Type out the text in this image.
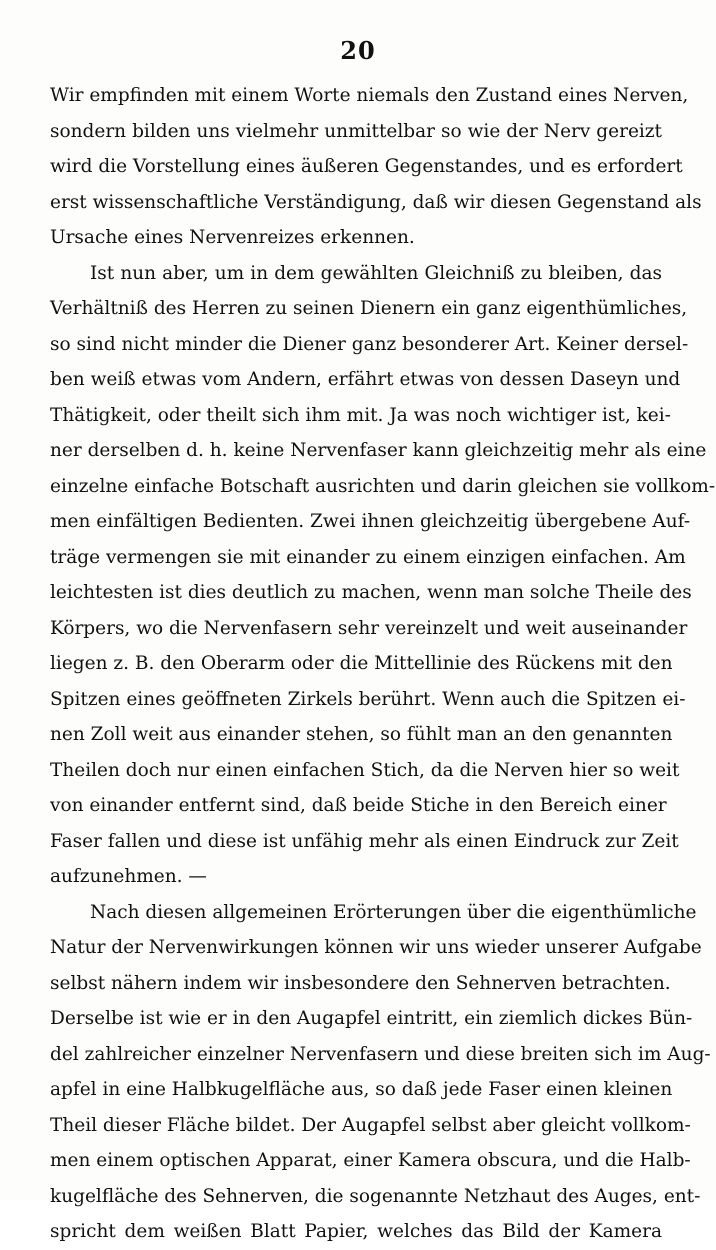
20
Wir empfinden mit einem Worte niemals den Zustand eines Nerven,
sondern bilden uns vielmehr unmittelbar so wie der Nerv gereizt
wird die Vorstellung eines äußeren Gegenstandes, und es erfordert
erst wissenschaftliche Verständigung, daß wir diesen Gegenstand als
Ursache eines Nervenreizes erkennen.
Ist nun aber, um in dem gewählten Gleichniß zu bleiben, das
Verhältniß des Herren zu seinen Dienern ein ganz eigenthümliches,
so sind nicht minder die Diener ganz besonderer Art. Keiner dersel-
ben weiß etwas vom Andern, erfährt etwas von dessen Daseyn und
Thätigkeit, oder theilt sich ihm mit. Ja was noch wichtiger ist, kei-
ner derselben d. h. keine Nervenfaser kann gleichzeitig mehr als eine
einzelne einfache Botschaft ausrichten und darin gleichen sie vollkom-
men einfältigen Bedienten. Zwei ihnen gleichzeitig übergebene Auf-
träge vermengen sie mit einander zu einem einzigen einfachen. Am
leichtesten ist dies deutlich zu machen, wenn man solche Theile des
Körpers, wo die Nervenfasern sehr vereinzelt und weit auseinander
liegen z. B. den Oberarm oder die Mittellinie des Rückens mit den
Spitzen eines geöffneten Zirkels berührt. Wenn auch die Spitzen ei-
nen Zoll weit aus einander stehen, so fühlt man an den genannten
Theilen doch nur einen einfachen Stich, da die Nerven hier so weit
von einander entfernt sind, daß beide Stiche in den Bereich einer
Faser fallen und diese ist unfähig mehr als einen Eindruck zur Zeit
aufzunehmen. —
Nach diesen allgemeinen Erörterungen über die eigenthümliche
Natur der Nervenwirkungen können wir uns wieder unserer Aufgabe
selbst nähern indem wir insbesondere den Sehnerven betrachten.
Derselbe ist wie er in den Augapfel eintritt, ein ziemlich dickes Bün-
del zahlreicher einzelner Nervenfasern und diese breiten sich im Aug-
apfel in eine Halbkugelfläche aus, so daß jede Faser einen kleinen
Theil dieser Fläche bildet. Der Augapfel selbst aber gleicht vollkom-
men einem optischen Apparat, einer Kamera obscura, und die Halb-
kugelfläche des Sehnerven, die sogenannte Netzhaut des Auges, ent-
spricht dem weißen Blatt Papier, welches das Bild der Kamera
